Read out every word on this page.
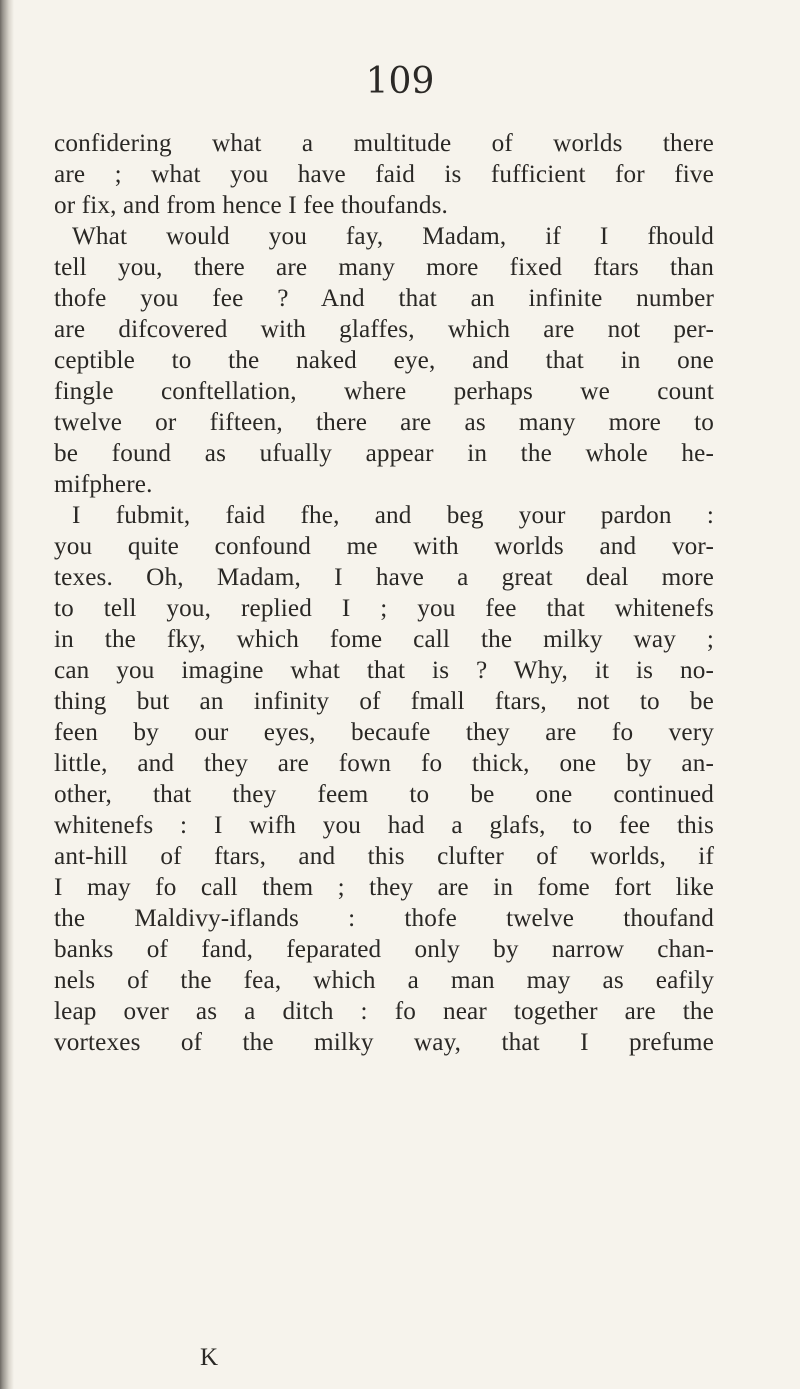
109
confidering what a multitude of worlds there
are ; what you have faid is fufficient for five
or fix, and from hence I fee thoufands.
What would you fay, Madam, if I fhould
tell you, there are many more fixed ftars than
thofe you fee ? And that an infinite number
are difcovered with glaffes, which are not per-
ceptible to the naked eye, and that in one
fingle conftellation, where perhaps we count
twelve or fifteen, there are as many more to
be found as ufually appear in the whole he-
mifphere.
I fubmit, faid fhe, and beg your pardon :
you quite confound me with worlds and vor-
texes. Oh, Madam, I have a great deal more
to tell you, replied I ; you fee that whitenefs
in the fky, which fome call the milky way ;
can you imagine what that is ? Why, it is no-
thing but an infinity of fmall ftars, not to be
feen by our eyes, becaufe they are fo very
little, and they are fown fo thick, one by an-
other, that they feem to be one continued
whitenefs : I wifh you had a glafs, to fee this
ant-hill of ftars, and this clufter of worlds, if
I may fo call them ; they are in fome fort like
the Maldivy-iflands : thofe twelve thoufand
banks of fand, feparated only by narrow chan-
nels of the fea, which a man may as eafily
leap over as a ditch : fo near together are the
vortexes of the milky way, that I prefume
K
